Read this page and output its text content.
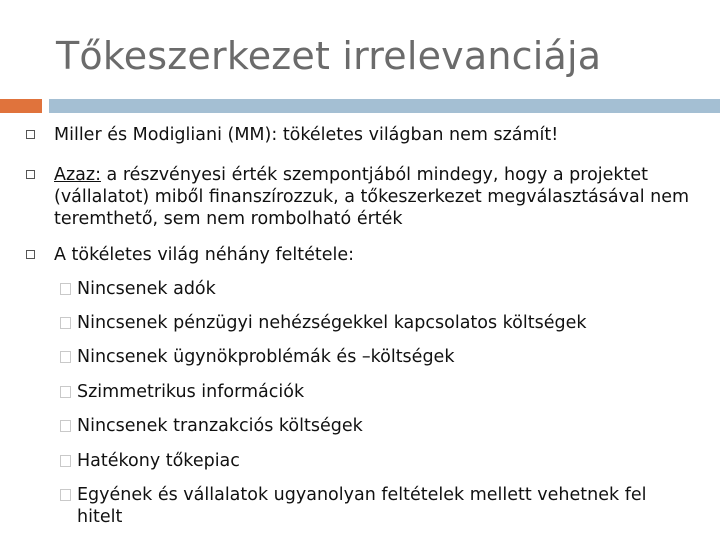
Tőkeszerkezet irrelevanciája
Miller és Modigliani (MM): tökéletes világban nem számít!
Azaz: a részvényesi érték szempontjából mindegy, hogy a projektet (vállalatot) miből finanszírozzuk, a tőkeszerkezet megválasztásával nem teremthető, sem nem rombolható érték
A tökéletes világ néhány feltétele:
Nincsenek adók
Nincsenek pénzügyi nehézségekkel kapcsolatos költségek
Nincsenek ügynökproblémák és –költségek
Szimmetrikus információk
Nincsenek tranzakciós költségek
Hatékony tőkepiac
Egyének és vállalatok ugyanolyan feltételek mellett vehetnek fel hitelt
